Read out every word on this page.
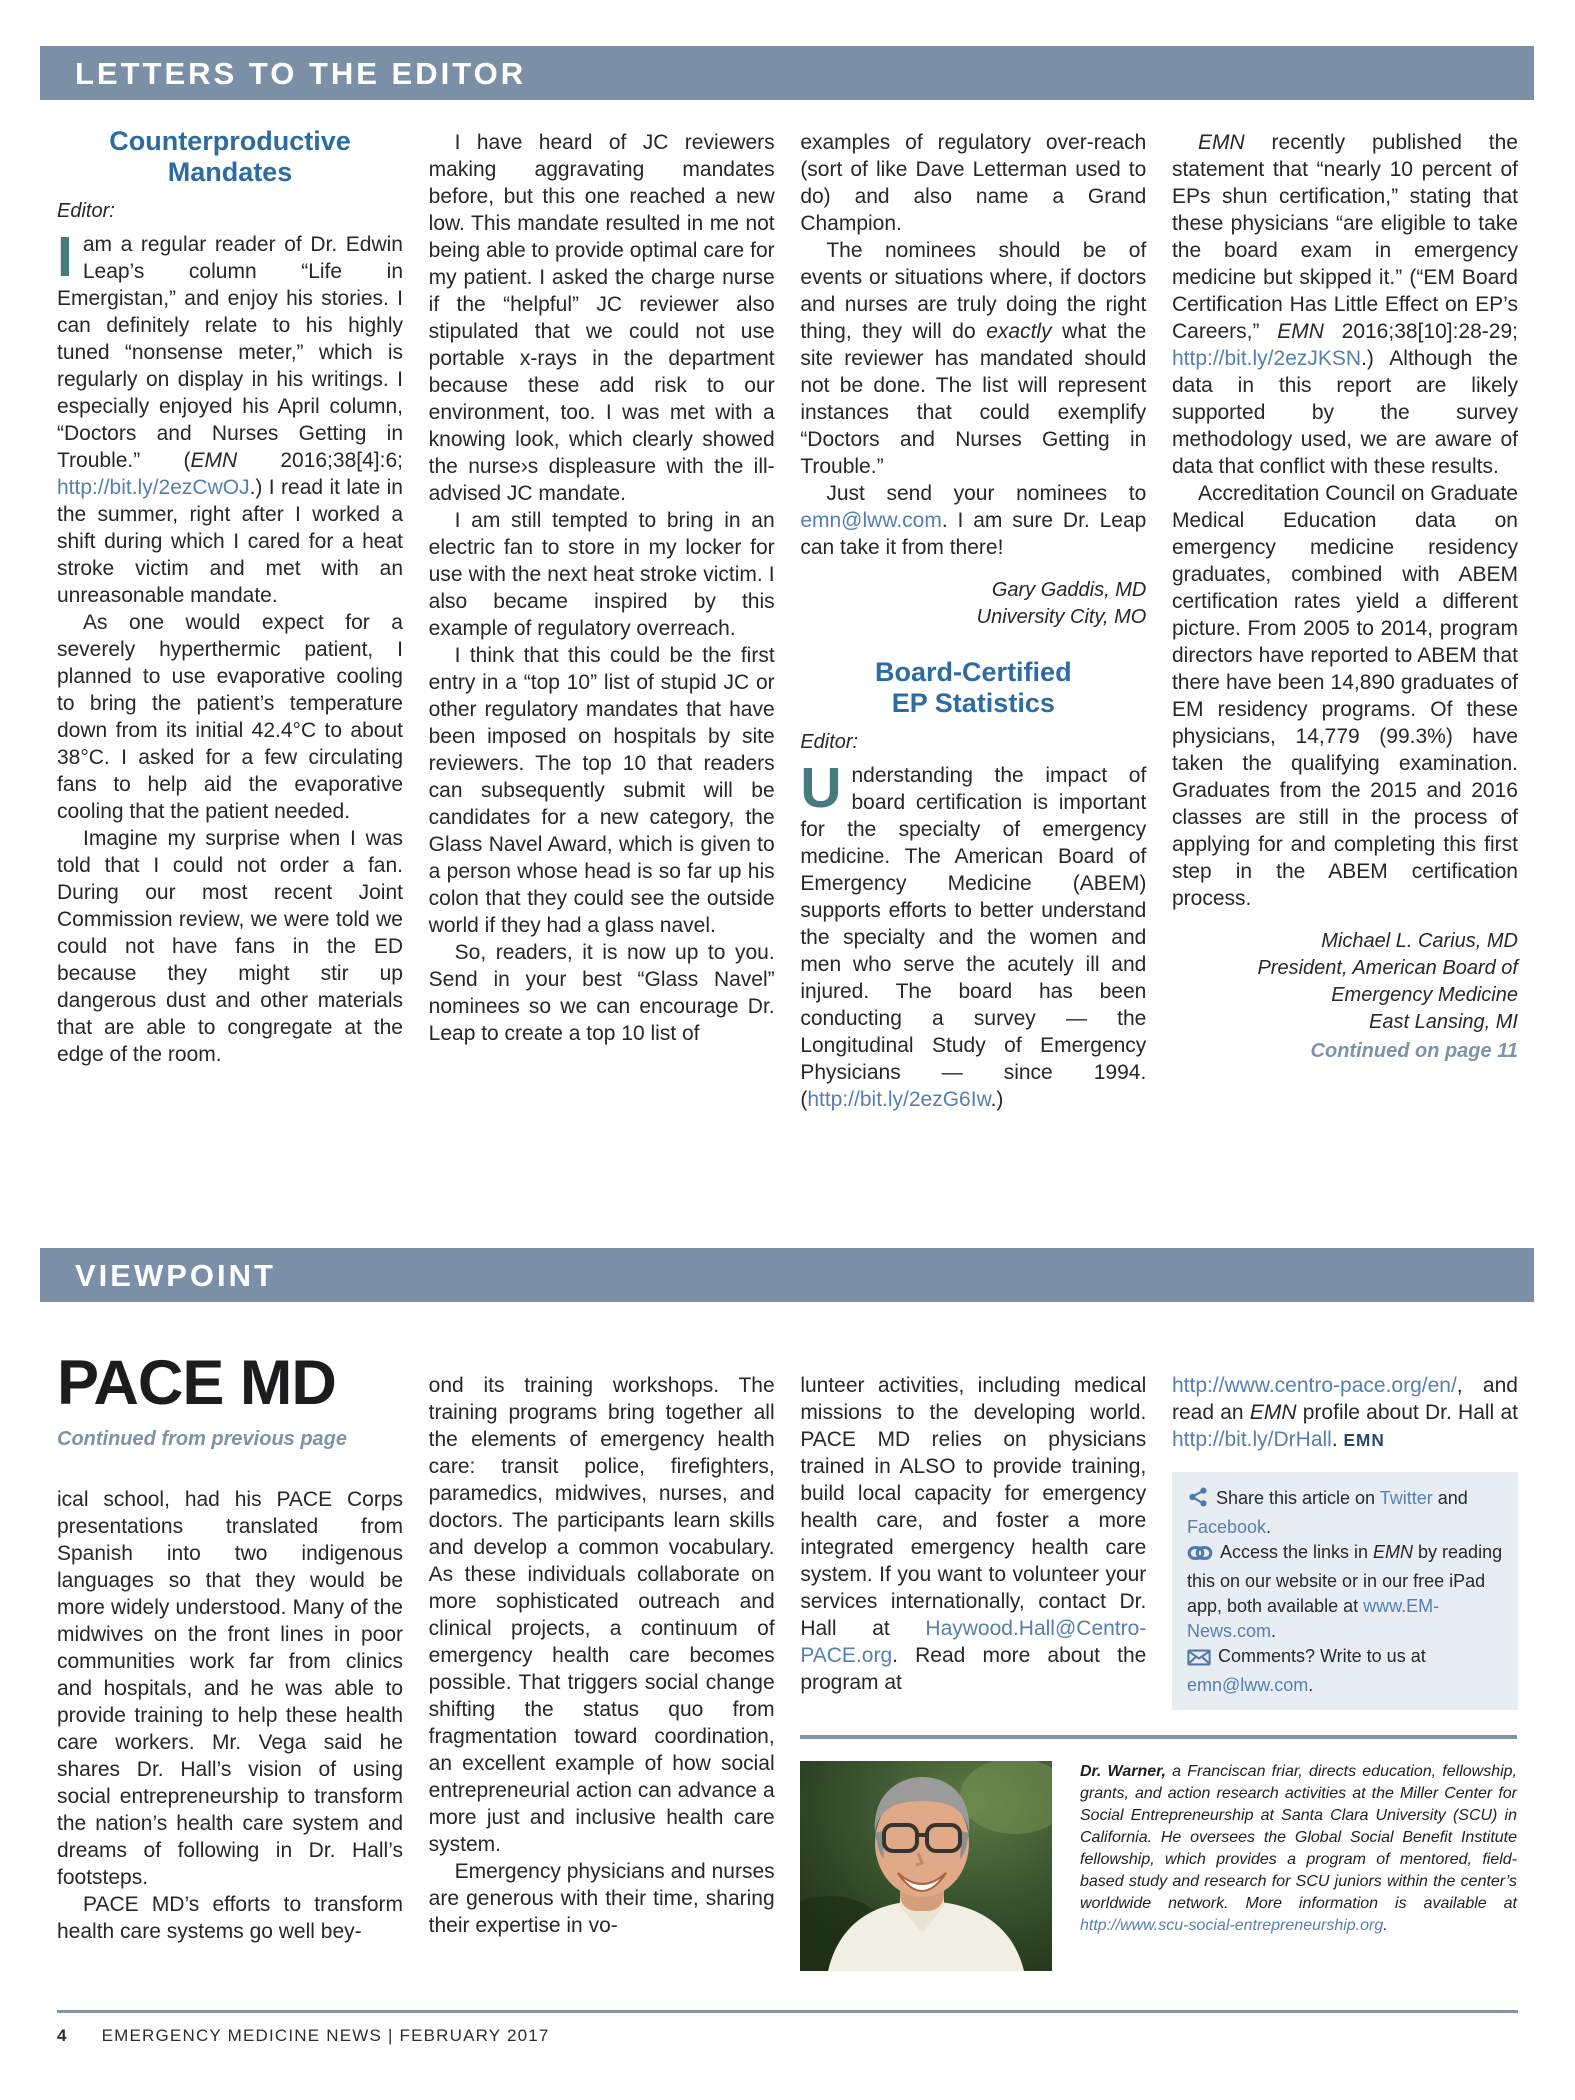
LETTERS TO THE EDITOR
Counterproductive
Mandates
Editor:
I am a regular reader of Dr. Edwin Leap’s column “Life in Emergistan,” and enjoy his stories. I can definitely relate to his highly tuned “nonsense meter,” which is regularly on display in his writings. I especially enjoyed his April column, “Doctors and Nurses Getting in Trouble.” (EMN 2016;38[4]:6; http://bit.ly/2ezCwOJ.) I read it late in the summer, right after I worked a shift during which I cared for a heat stroke victim and met with an unreasonable mandate.

As one would expect for a severely hyperthermic patient, I planned to use evaporative cooling to bring the patient’s temperature down from its initial 42.4°C to about 38°C. I asked for a few circulating fans to help aid the evaporative cooling that the patient needed.

Imagine my surprise when I was told that I could not order a fan. During our most recent Joint Commission review, we were told we could not have fans in the ED because they might stir up dangerous dust and other materials that are able to congregate at the edge of the room.

I have heard of JC reviewers making aggravating mandates before, but this one reached a new low. This mandate resulted in me not being able to provide optimal care for my patient. I asked the charge nurse if the “helpful” JC reviewer also stipulated that we could not use portable x-rays in the department because these add risk to our environment, too. I was met with a knowing look, which clearly showed the nurse›s displeasure with the ill-advised JC mandate.

I am still tempted to bring in an electric fan to store in my locker for use with the next heat stroke victim. I also became inspired by this example of regulatory overreach.

I think that this could be the first entry in a “top 10” list of stupid JC or other regulatory mandates that have been imposed on hospitals by site reviewers. The top 10 that readers can subsequently submit will be candidates for a new category, the Glass Navel Award, which is given to a person whose head is so far up his colon that they could see the outside world if they had a glass navel.

So, readers, it is now up to you. Send in your best “Glass Navel” nominees so we can encourage Dr. Leap to create a top 10 list of

examples of regulatory over-reach (sort of like Dave Letterman used to do) and also name a Grand Champion.

The nominees should be of events or situations where, if doctors and nurses are truly doing the right thing, they will do exactly what the site reviewer has mandated should not be done. The list will represent instances that could exemplify “Doctors and Nurses Getting in Trouble.”

Just send your nominees to emn@lww.com. I am sure Dr. Leap can take it from there!

Gary Gaddis, MD
University City, MO
Board-Certified
EP Statistics
Editor:
U nderstanding the impact of board certification is important for the specialty of emergency medicine. The American Board of Emergency Medicine (ABEM) supports efforts to better understand the specialty and the women and men who serve the acutely ill and injured. The board has been conducting a survey — the Longitudinal Study of Emergency Physicians — since 1994. (http://bit.ly/2ezG6Iw.)

EMN recently published the statement that “nearly 10 percent of EPs shun certification,” stating that these physicians “are eligible to take the board exam in emergency medicine but skipped it.” (“EM Board Certification Has Little Effect on EP’s Careers,” EMN 2016;38[10]:28-29; http://bit.ly/2ezJKSN.) Although the data in this report are likely supported by the survey methodology used, we are aware of data that conflict with these results.

Accreditation Council on Graduate Medical Education data on emergency medicine residency graduates, combined with ABEM certification rates yield a different picture. From 2005 to 2014, program directors have reported to ABEM that there have been 14,890 graduates of EM residency programs. Of these physicians, 14,779 (99.3%) have taken the qualifying examination. Graduates from the 2015 and 2016 classes are still in the process of applying for and completing this first step in the ABEM certification process.

Michael L. Carius, MD
President, American Board of
Emergency Medicine
East Lansing, MI
Continued on page 11
VIEWPOINT
PACE MD
Continued from previous page

ical school, had his PACE Corps presentations translated from Spanish into two indigenous languages so that they would be more widely understood. Many of the midwives on the front lines in poor communities work far from clinics and hospitals, and he was able to provide training to help these health care workers. Mr. Vega said he shares Dr. Hall’s vision of using social entrepreneurship to transform the nation’s health care system and dreams of following in Dr. Hall’s footsteps.

PACE MD’s efforts to transform health care systems go well bey-

ond its training workshops. The training programs bring together all the elements of emergency health care: transit police, firefighters, paramedics, midwives, nurses, and doctors. The participants learn skills and develop a common vocabulary. As these individuals collaborate on more sophisticated outreach and clinical projects, a continuum of emergency health care becomes possible. That triggers social change shifting the status quo from fragmentation toward coordination, an excellent example of how social entrepreneurial action can advance a more just and inclusive health care system.

Emergency physicians and nurses are generous with their time, sharing their expertise in vo-

lunteer activities, including medical missions to the developing world. PACE MD relies on physicians trained in ALSO to provide training, build local capacity for emergency health care, and foster a more integrated emergency health care system. If you want to volunteer your services internationally, contact Dr. Hall at Haywood.Hall@Centro-PACE.org. Read more about the program at

http://www.centro-pace.org/en/, and read an EMN profile about Dr. Hall at http://bit.ly/DrHall. EMN

Share this article on Twitter and Facebook.

Access the links in EMN by reading this on our website or in our free iPad app, both available at www.EM-News.com.

Comments? Write to us at emn@lww.com.

Dr. Warner, a Franciscan friar, directs education, fellowship, grants, and action research activities at the Miller Center for Social Entrepreneurship at Santa Clara University (SCU) in California. He oversees the Global Social Benefit Institute fellowship, which provides a program of mentored, field-based study and research for SCU juniors within the center’s worldwide network. More information is available at http://www.scu-social-entrepreneurship.org.
4 EMERGENCY MEDICINE NEWS | FEBRUARY 2017
